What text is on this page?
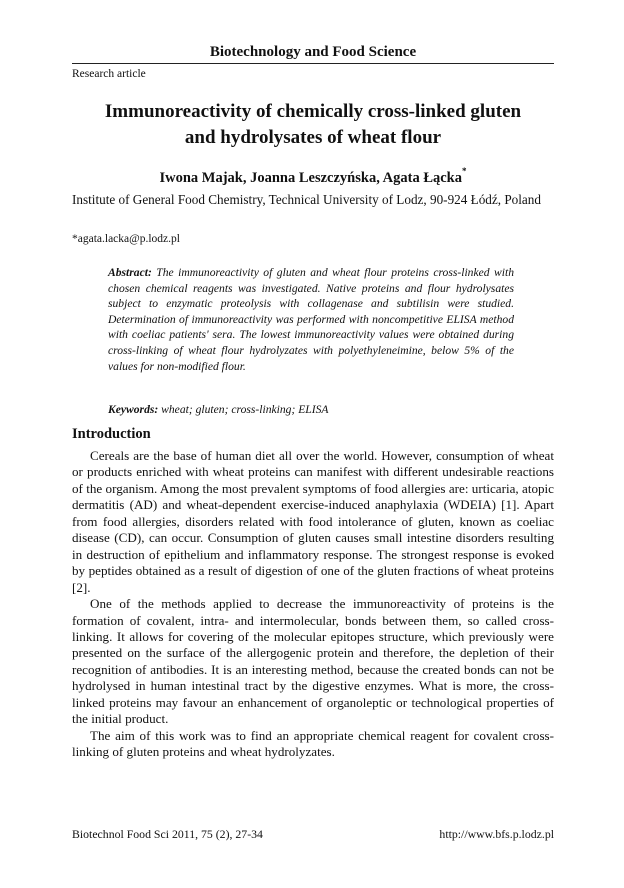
Biotechnology and Food Science
Research article
Immunoreactivity of chemically cross-linked gluten
and hydrolysates of wheat flour
Iwona Majak, Joanna Leszczyńska, Agata Łącka*
Institute of General Food Chemistry, Technical University of Lodz, 90-924 Łódź, Poland
*agata.lacka@p.lodz.pl

Abstract: The immunoreactivity of gluten and wheat flour proteins cross-linked with chosen chemical reagents was investigated. Native proteins and flour hydrolysates subject to enzymatic proteolysis with collagenase and subtilisin were studied. Determination of immunoreactivity was performed with noncompetitive ELISA method with coeliac patients' sera. The lowest immunoreactivity values were obtained during cross-linking of wheat flour hydrolyzates with polyethyleneimine, below 5% of the values for non-modified flour.

Keywords: wheat; gluten; cross-linking; ELISA

Introduction

Cereals are the base of human diet all over the world. However, consumption of wheat or products enriched with wheat proteins can manifest with different undesirable reactions of the organism. Among the most prevalent symptoms of food allergies are: urticaria, atopic dermatitis (AD) and wheat-dependent exercise-induced anaphylaxia (WDEIA) [1]. Apart from food allergies, disorders related with food intolerance of gluten, known as coeliac disease (CD), can occur. Consumption of gluten causes small intestine disorders resulting in destruction of epithelium and inflammatory response. The strongest response is evoked by peptides obtained as a result of digestion of one of the gluten fractions of wheat proteins [2].

One of the methods applied to decrease the immunoreactivity of proteins is the formation of covalent, intra- and intermolecular, bonds between them, so called cross-linking. It allows for covering of the molecular epitopes structure, which previously were presented on the surface of the allergogenic protein and therefore, the depletion of their recognition of antibodies. It is an interesting method, because the created bonds can not be hydrolysed in human intestinal tract by the digestive enzymes. What is more, the cross-linked proteins may favour an enhancement of organoleptic or technological properties of the initial product.

The aim of this work was to find an appropriate chemical reagent for covalent cross-linking of gluten proteins and wheat hydrolyzates.

Biotechnol Food Sci 2011, 75 (2), 27-34	http://www.bfs.p.lodz.pl
